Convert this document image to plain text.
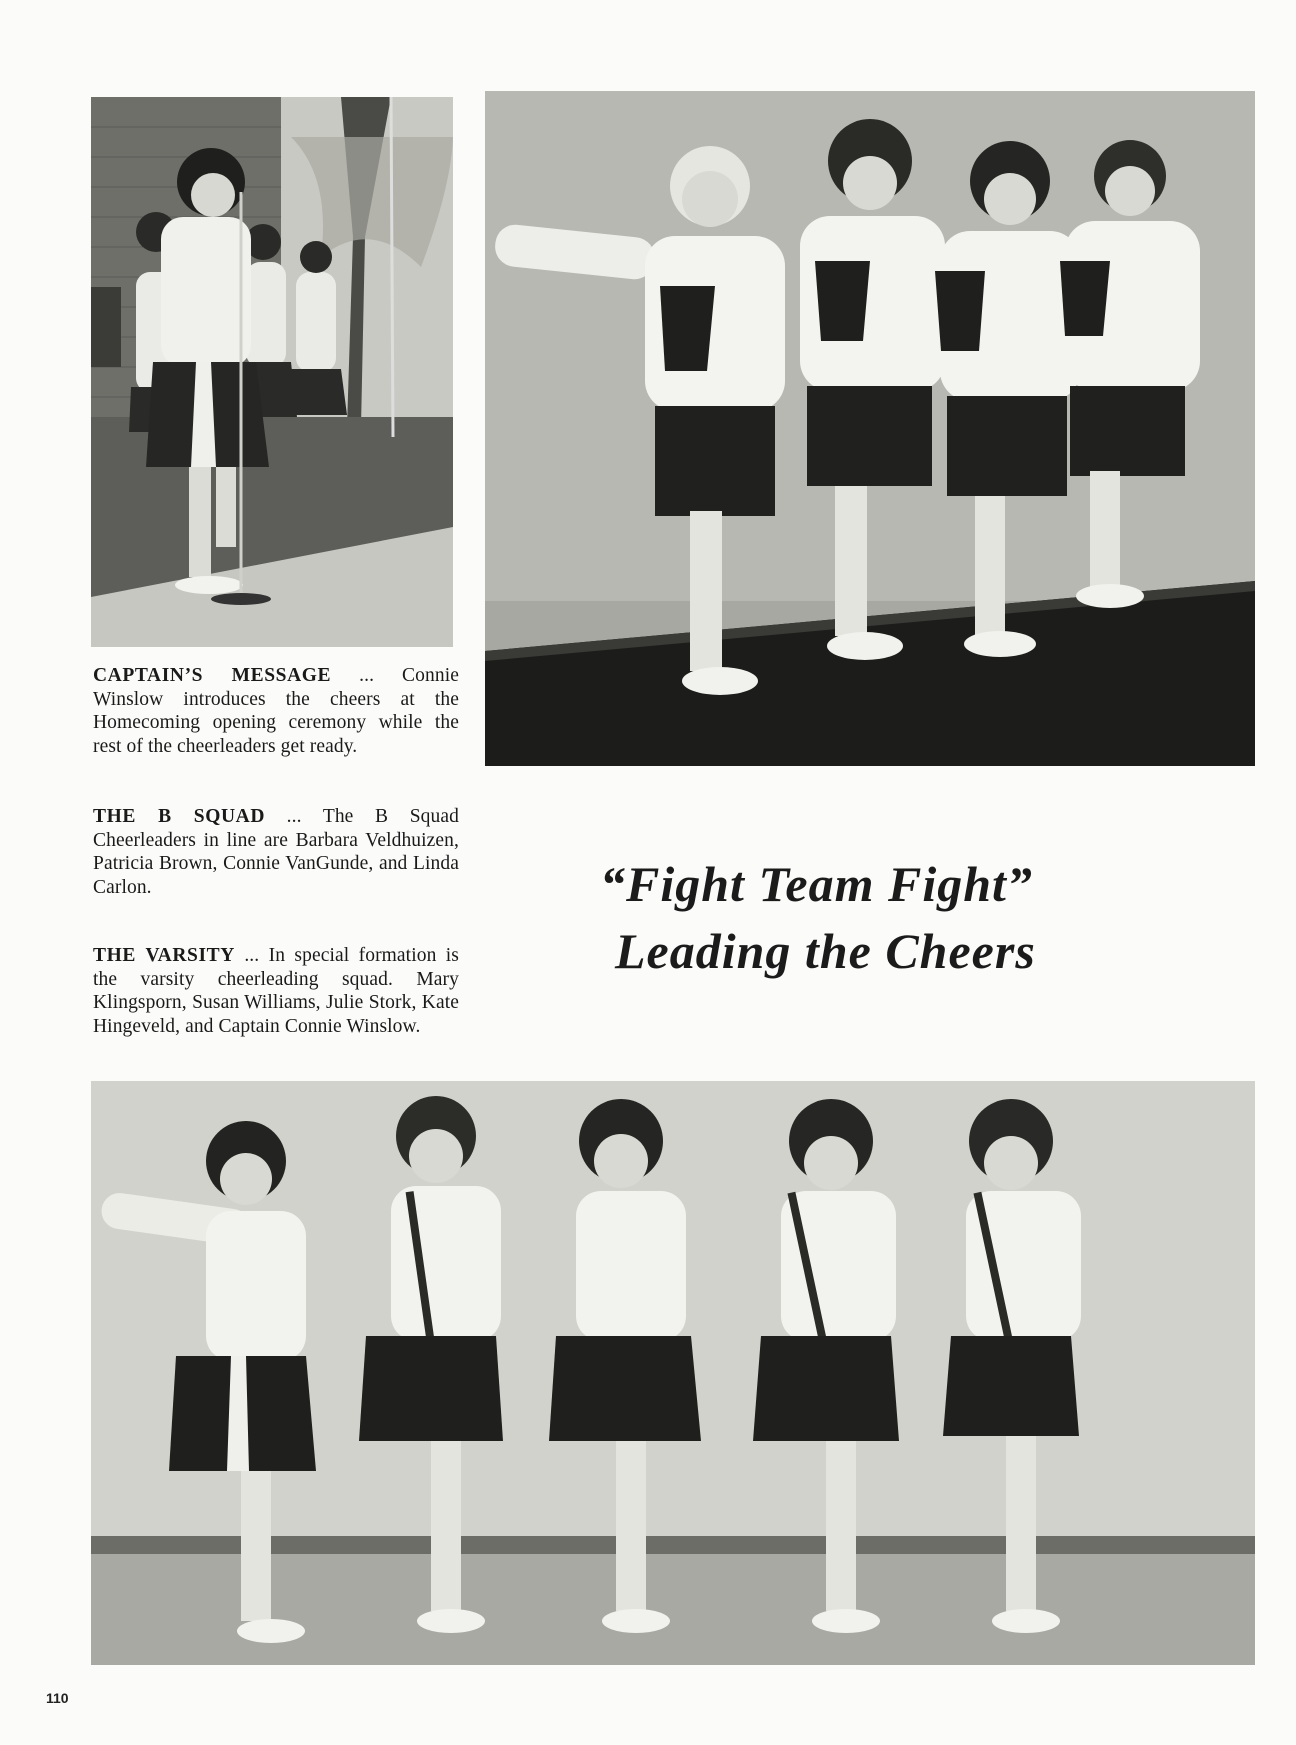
CAPTAIN’S MESSAGE ... Connie Winslow introduces the cheers at the Homecoming opening ceremony while the rest of the cheerleaders get ready.
THE B SQUAD ... The B Squad Cheerleaders in line are Barbara Veldhuizen, Patricia Brown, Connie VanGunde, and Linda Carlon.
THE VARSITY ... In special formation is the varsity cheerleading squad. Mary Klingsporn, Susan Williams, Julie Stork, Kate Hingeveld, and Captain Connie Winslow.
“Fight Team Fight”
Leading the Cheers
110
